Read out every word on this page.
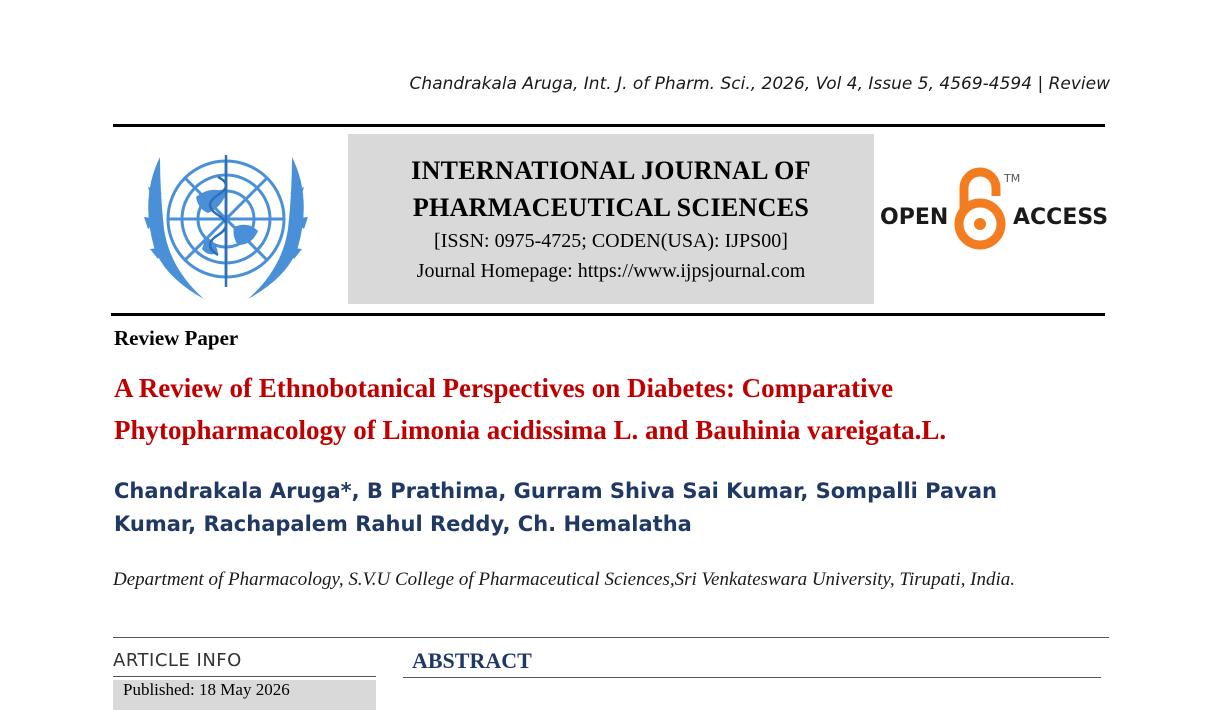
Chandrakala Aruga, Int. J. of Pharm. Sci., 2026, Vol 4, Issue 5, 4569-4594 | Review
INTERNATIONAL JOURNAL OF
PHARMACEUTICAL SCIENCES
[ISSN: 0975-4725; CODEN(USA): IJPS00]
Journal Homepage: https://www.ijpsjournal.com
OPEN	ACCESS
TM
Review Paper
A Review of Ethnobotanical Perspectives on Diabetes: Comparative Phytopharmacology of Limonia acidissima L. and Bauhinia vareigata.L.
Chandrakala Aruga*, B Prathima, Gurram Shiva Sai Kumar, Sompalli Pavan Kumar, Rachapalem Rahul Reddy, Ch. Hemalatha
Department of Pharmacology, S.V.U College of Pharmaceutical Sciences,Sri Venkateswara University, Tirupati, India.
ARTICLE INFO
Published: 18 May 2026
ABSTRACT
